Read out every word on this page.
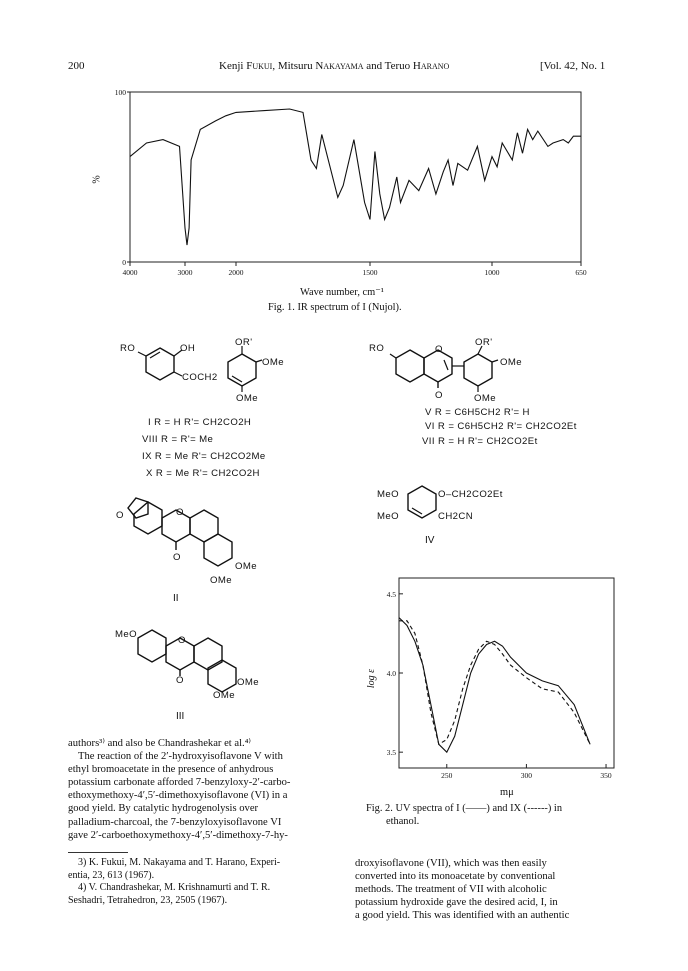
200	Kenji Fukui, Mitsuru Nakayama and Teruo Harano	[Vol. 42, No. 1
4000	3000	2000	1500	1000	650
100
0
%
Wave number, cm⁻¹
Fig. 1. IR spectrum of I (Nujol).
RO	OH
OR'
COCH2
OMe
OMe
I R = H R'= CH2CO2H
VIII R = R'= Me
IX R = Me R'= CH2CO2Me
X R = Me R'= CH2CO2H
RO	O
OR'
OMe
O	OMe
V R = C6H5CH2 R'= H
VI R = C6H5CH2 R'= CH2CO2Et
VII R = H R'= CH2CO2Et
MeO
MeO
O–CH2CO2Et
CH2CN
IV
O	O
O
OMe
OMe
II
MeO
O
O	OMe
OMe
III
250	300	350
4.5
4.0
3.5
log ε
mμ
Fig. 2. UV spectra of I (——) and IX (------) in
ethanol.
authors³⁾ and also be Chandrashekar et al.⁴⁾
The reaction of the 2′-hydroxyisoflavone V with
ethyl bromoacetate in the presence of anhydrous
potassium carbonate afforded 7-benzyloxy-2′-carbo-
ethoxymethoxy-4′,5′-dimethoxyisoflavone (VI) in a
good yield. By catalytic hydrogenolysis over
palladium-charcoal, the 7-benzyloxyisoflavone VI
gave 2′-carboethoxymethoxy-4′,5′-dimethoxy-7-hy-
3) K. Fukui, M. Nakayama and T. Harano, Experi-
entia, 23, 613 (1967).
4) V. Chandrashekar, M. Krishnamurti and T. R.
Seshadri, Tetrahedron, 23, 2505 (1967).
droxyisoflavone (VII), which was then easily
converted into its monoacetate by conventional
methods. The treatment of VII with alcoholic
potassium hydroxide gave the desired acid, I, in
a good yield. This was identified with an authentic
